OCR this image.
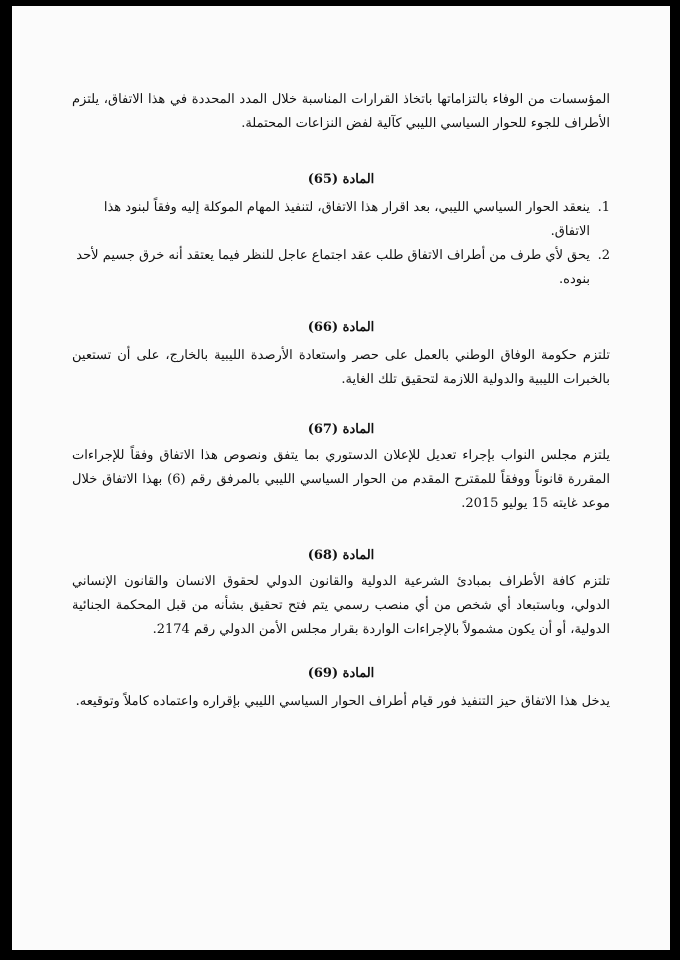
المؤسسات من الوفاء بالتزاماتها باتخاذ القرارات المناسبة خلال المدد المحددة في هذا الاتفاق، يلتزم الأطراف للجوء للحوار السياسي الليبي كآلية لفض النزاعات المحتملة.

المادة (65)
1.
ينعقد الحوار السياسي الليبي، بعد اقرار هذا الاتفاق، لتنفيذ المهام الموكلة إليه وفقاً لبنود هذا الاتفاق.
2.
يحق لأي طرف من أطراف الاتفاق طلب عقد اجتماع عاجل للنظر فيما يعتقد أنه خرق جسيم لأحد بنوده.
المادة (66)

تلتزم حكومة الوفاق الوطني بالعمل على حصر واستعادة الأرصدة الليبية بالخارج، على أن تستعين بالخبرات الليبية والدولية اللازمة لتحقيق تلك الغاية.

المادة (67)

يلتزم مجلس النواب بإجراء تعديل للإعلان الدستوري بما يتفق ونصوص هذا الاتفاق وفقاً للإجراءات المقررة قانوناً ووفقاً للمقترح المقدم من الحوار السياسي الليبي بالمرفق رقم (6) بهذا الاتفاق خلال موعد غايته 15 يوليو 2015.

المادة (68)

تلتزم كافة الأطراف بمبادئ الشرعية الدولية والقانون الدولي لحقوق الانسان والقانون الإنساني الدولي، وباستبعاد أي شخص من أي منصب رسمي يتم فتح تحقيق بشأنه من قبل المحكمة الجنائية الدولية، أو أن يكون مشمولاً بالإجراءات الواردة بقرار مجلس الأمن الدولي رقم 2174.

المادة (69)

يدخل هذا الاتفاق حيز التنفيذ فور قيام أطراف الحوار السياسي الليبي بإقراره واعتماده كاملاً وتوقيعه.
